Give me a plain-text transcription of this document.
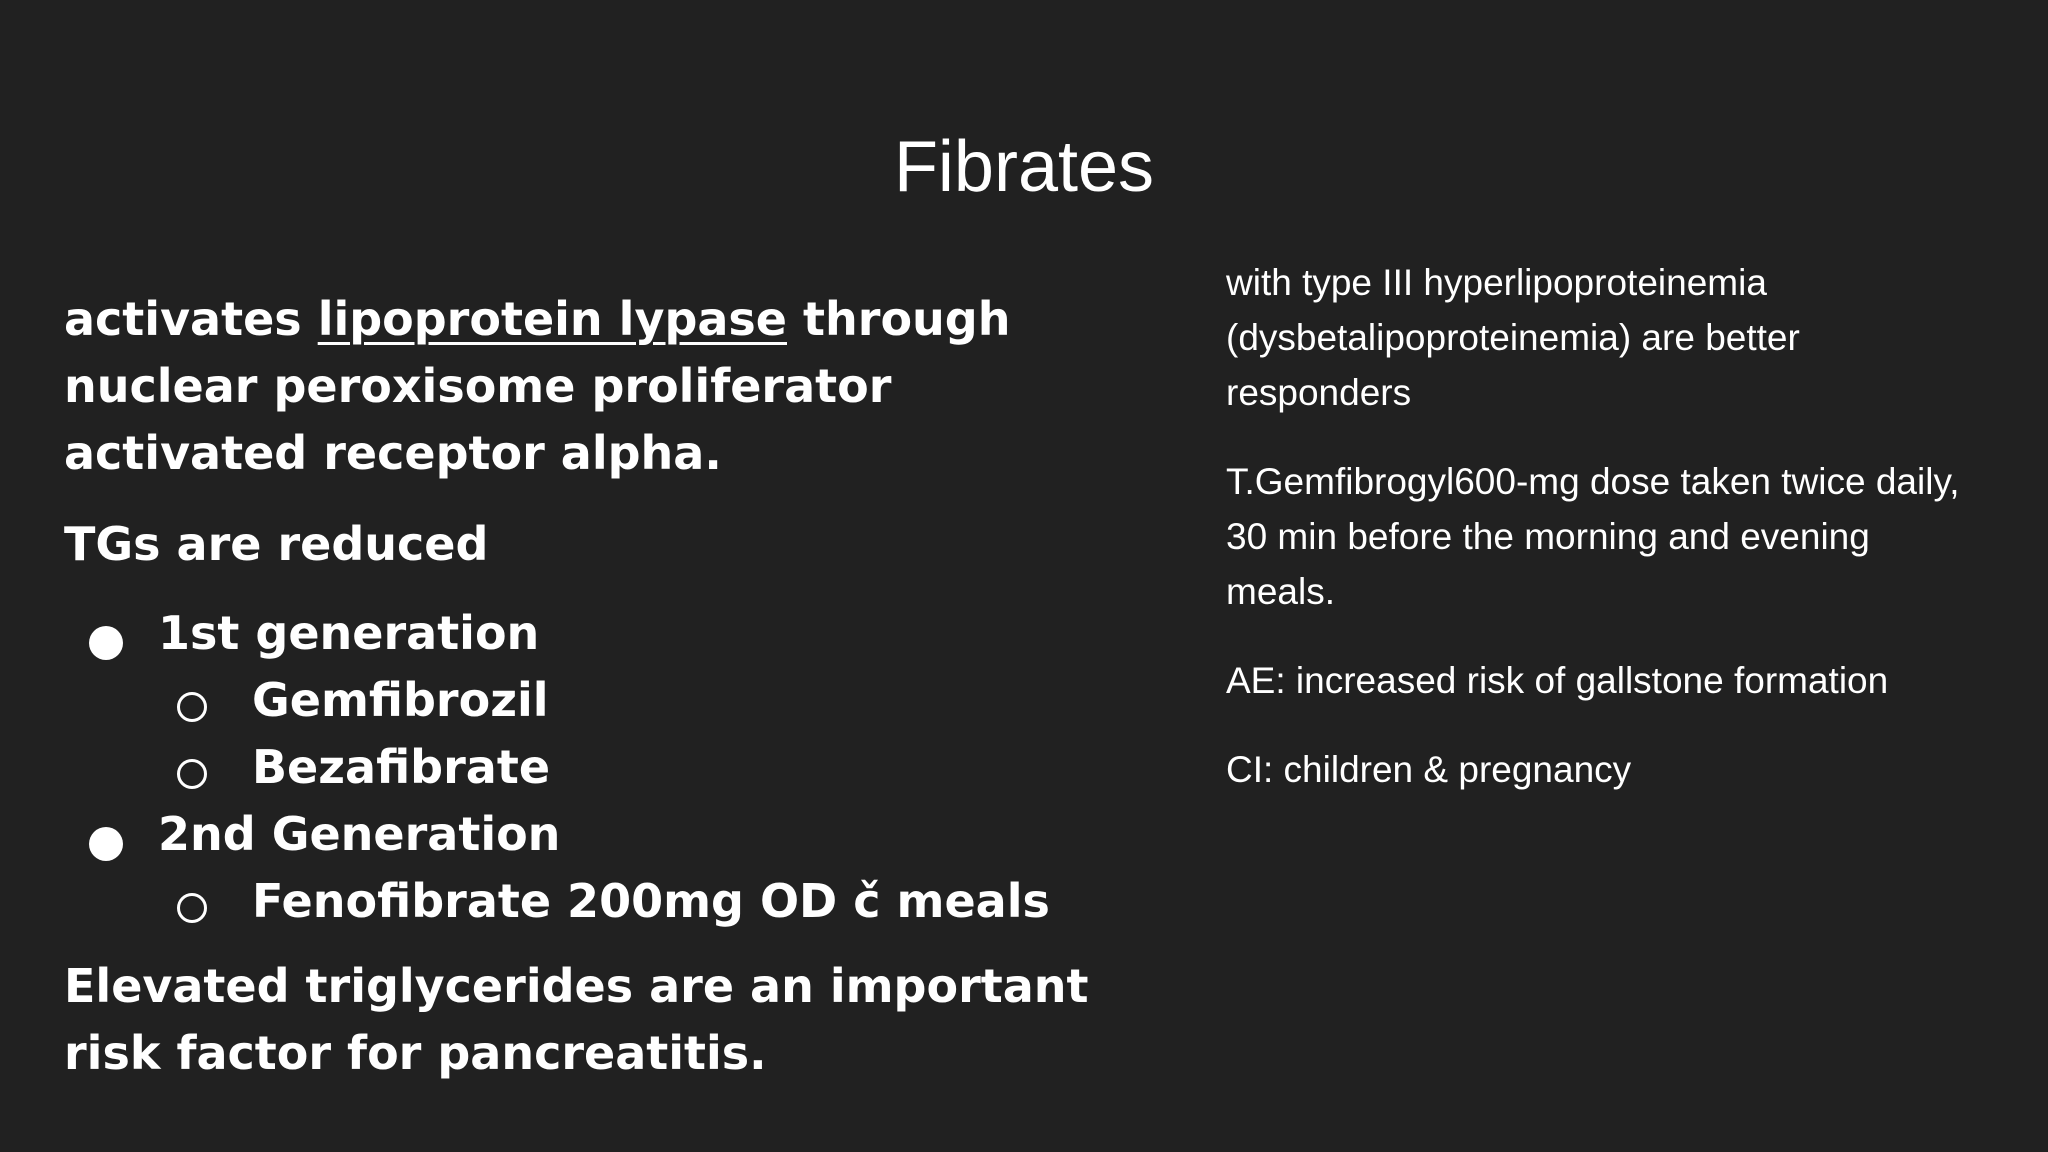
Fibrates

activates lipoprotein lypase through nuclear peroxisome proliferator activated receptor alpha.

TGs are reduced

1st generation
Gemfibrozil
Bezafibrate
2nd Generation
Fenofibrate 200mg OD č meals

Elevated triglycerides are an important risk factor for pancreatitis.

with type III hyperlipoproteinemia (dysbetalipoproteinemia) are better responders

T.Gemfibrogyl600-mg dose taken twice daily, 30 min before the morning and evening meals.

AE: increased risk of gallstone formation

CI: children & pregnancy
